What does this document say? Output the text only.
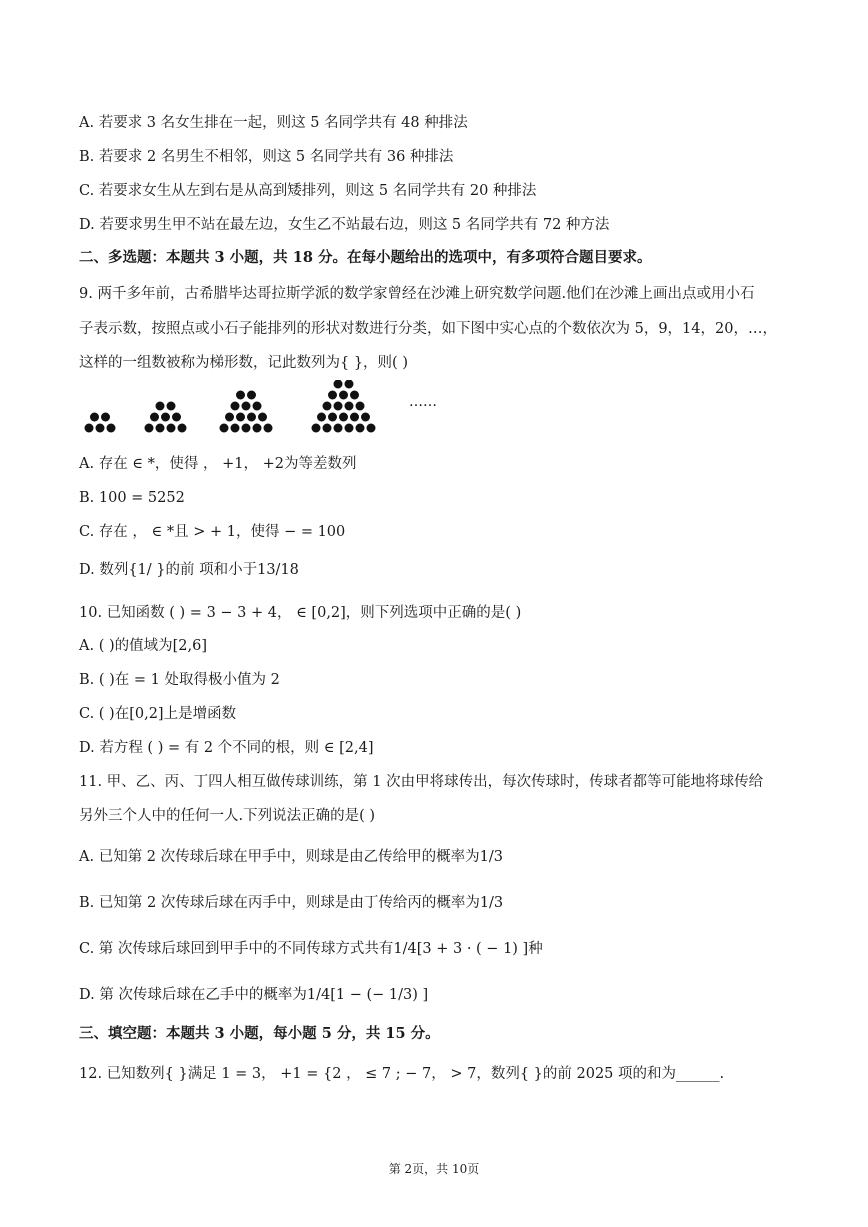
A. 若要求 3 名女生排在一起，则这 5 名同学共有 48 种排法
B. 若要求 2 名男生不相邻，则这 5 名同学共有 36 种排法
C. 若要求女生从左到右是从高到矮排列，则这 5 名同学共有 20 种排法
D. 若要求男生甲不站在最左边，女生乙不站最右边，则这 5 名同学共有 72 种方法
二、多选题：本题共 3 小题，共 18 分。在每小题给出的选项中，有多项符合题目要求。
9. 两千多年前，古希腊毕达哥拉斯学派的数学家曾经在沙滩上研究数学问题.他们在沙滩上画出点或用小石
子表示数，按照点或小石子能排列的形状对数进行分类，如下图中实心点的个数依次为 5，9，14，20，…，
这样的一组数被称为梯形数，记此数列为{ }，则( )
……
A. 存在 ∈ *，使得 ， +1， +2为等差数列
B. 100 = 5252
C. 存在 ， ∈ *且 > + 1，使得 − = 100
D. 数列{1/ }的前 项和小于13/18
10. 已知函数 ( ) = 3 − 3 + 4， ∈ [0,2]，则下列选项中正确的是( )
A. ( )的值域为[2,6]
B. ( )在 = 1 处取得极小值为 2
C. ( )在[0,2]上是增函数
D. 若方程 ( ) = 有 2 个不同的根，则 ∈ [2,4]
11. 甲、乙、丙、丁四人相互做传球训练，第 1 次由甲将球传出，每次传球时，传球者都等可能地将球传给
另外三个人中的任何一人.下列说法正确的是( )
A. 已知第 2 次传球后球在甲手中，则球是由乙传给甲的概率为1/3
B. 已知第 2 次传球后球在丙手中，则球是由丁传给丙的概率为1/3
C. 第 次传球后球回到甲手中的不同传球方式共有1/4[3 + 3 · ( − 1) ]种
D. 第 次传球后球在乙手中的概率为1/4[1 − (− 1/3) ]
三、填空题：本题共 3 小题，每小题 5 分，共 15 分。
12. 已知数列{ }满足 1 = 3， +1 = {2 ， ≤ 7 ; − 7， > 7，数列{ }的前 2025 项的和为______.
第 2页，共 10页
